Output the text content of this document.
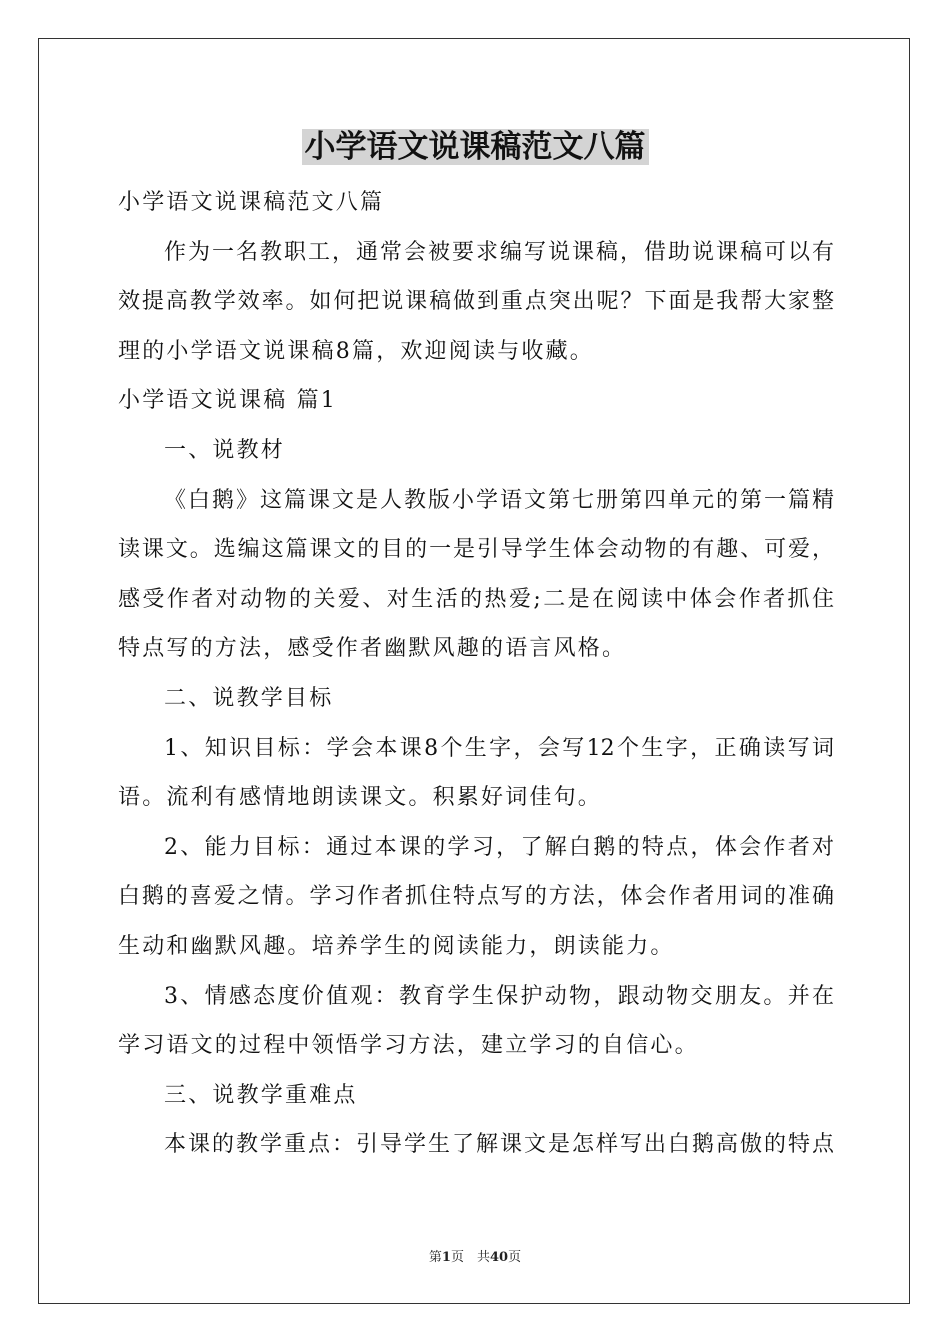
小学语文说课稿范文八篇
小学语文说课稿范文八篇
作为一名教职工，通常会被要求编写说课稿，借助说课稿可以有
效提高教学效率。如何把说课稿做到重点突出呢？下面是我帮大家整
理的小学语文说课稿8篇，欢迎阅读与收藏。
小学语文说课稿 篇1
一、说教材
《白鹅》这篇课文是人教版小学语文第七册第四单元的第一篇精
读课文。选编这篇课文的目的一是引导学生体会动物的有趣、可爱，
感受作者对动物的关爱、对生活的热爱;二是在阅读中体会作者抓住
特点写的方法，感受作者幽默风趣的语言风格。
二、说教学目标
1、知识目标：学会本课8个生字，会写12个生字，正确读写词
语。流利有感情地朗读课文。积累好词佳句。
2、能力目标：通过本课的学习，了解白鹅的特点，体会作者对
白鹅的喜爱之情。学习作者抓住特点写的方法，体会作者用词的准确
生动和幽默风趣。培养学生的阅读能力，朗读能力。
3、情感态度价值观：教育学生保护动物，跟动物交朋友。并在
学习语文的过程中领悟学习方法，建立学习的自信心。
三、说教学重难点
本课的教学重点：引导学生了解课文是怎样写出白鹅高傲的特点
第1页　共40页
